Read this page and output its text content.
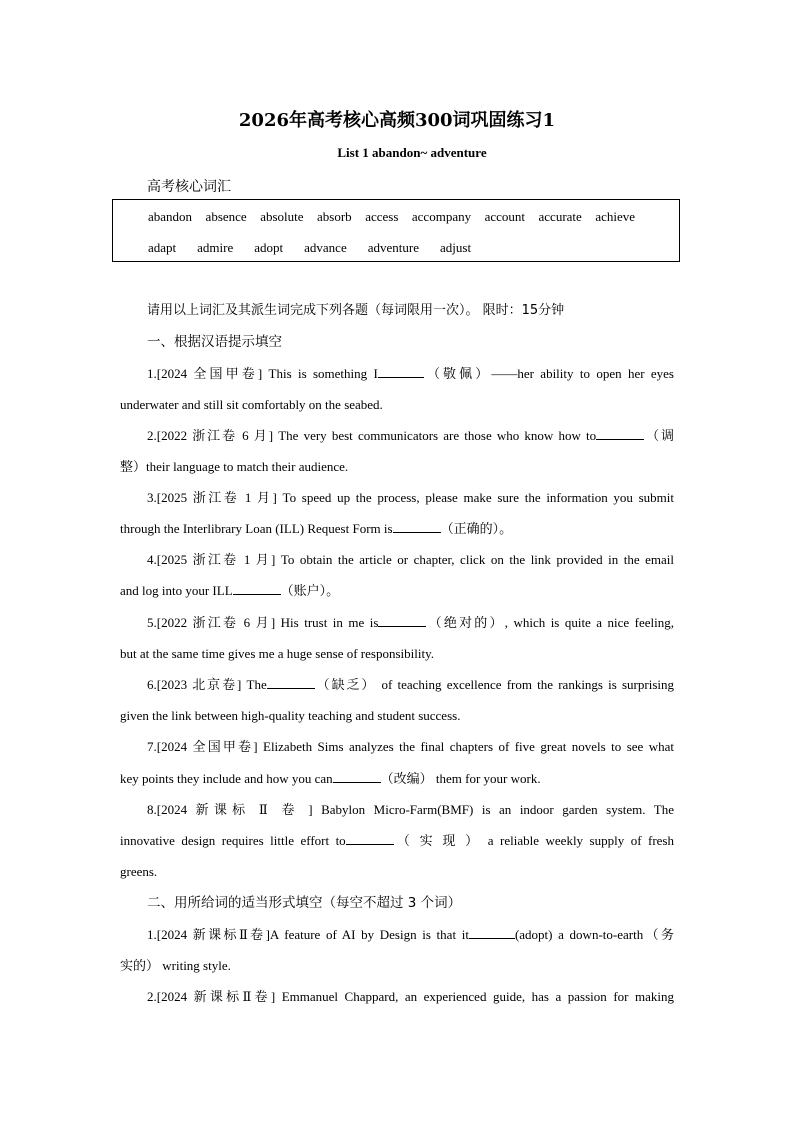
2026年高考核心高频300词巩固练习1
List 1 abandon~ adventure
高考核心词汇
abandon absence absolute absorb access accompany account accurate achieve
adapt admire adopt advance adventure adjust
请用以上词汇及其派生词完成下列各题（每词限用一次）。 限时：15分钟
一、根据汉语提示填空
1.[2024 全国甲卷] This is something I	（敬佩）——her ability to open her eyes
underwater and still sit comfortably on the seabed.
2.[2022 浙江卷 6 月] The very best communicators are those who know how to	（调
整）their language to match their audience.
3.[2025 浙江卷 1 月] To speed up the process, please make sure the information you submit
through the Interlibrary Loan (ILL) Request Form is	（正确的）。
4.[2025 浙江卷 1 月] To obtain the article or chapter, click on the link provided in the email
and log into your ILL	（账户）。
5.[2022 浙江卷 6 月] His trust in me is	（绝对的）, which is quite a nice feeling,
but at the same time gives me a huge sense of responsibility.
6.[2023 北京卷] The	（缺乏） of teaching excellence from the rankings is surprising
given the link between high-quality teaching and student success.
7.[2024 全国甲卷] Elizabeth Sims analyzes the final chapters of five great novels to see what
key points they include and how you can	（改编） them for your work.
8.[2024 新课标 Ⅱ 卷 ] Babylon Micro-Farm(BMF) is an indoor garden system. The
innovative design requires little effort to	（ 实 现 ） a reliable weekly supply of fresh
greens.
二、用所给词的适当形式填空（每空不超过 3 个词）
1.[2024 新课标Ⅱ卷]A feature of AI by Design is that it	(adopt) a down-to-earth（务
实的） writing style.
2.[2024 新课标Ⅱ卷] Emmanuel Chappard, an experienced guide, has a passion for making
